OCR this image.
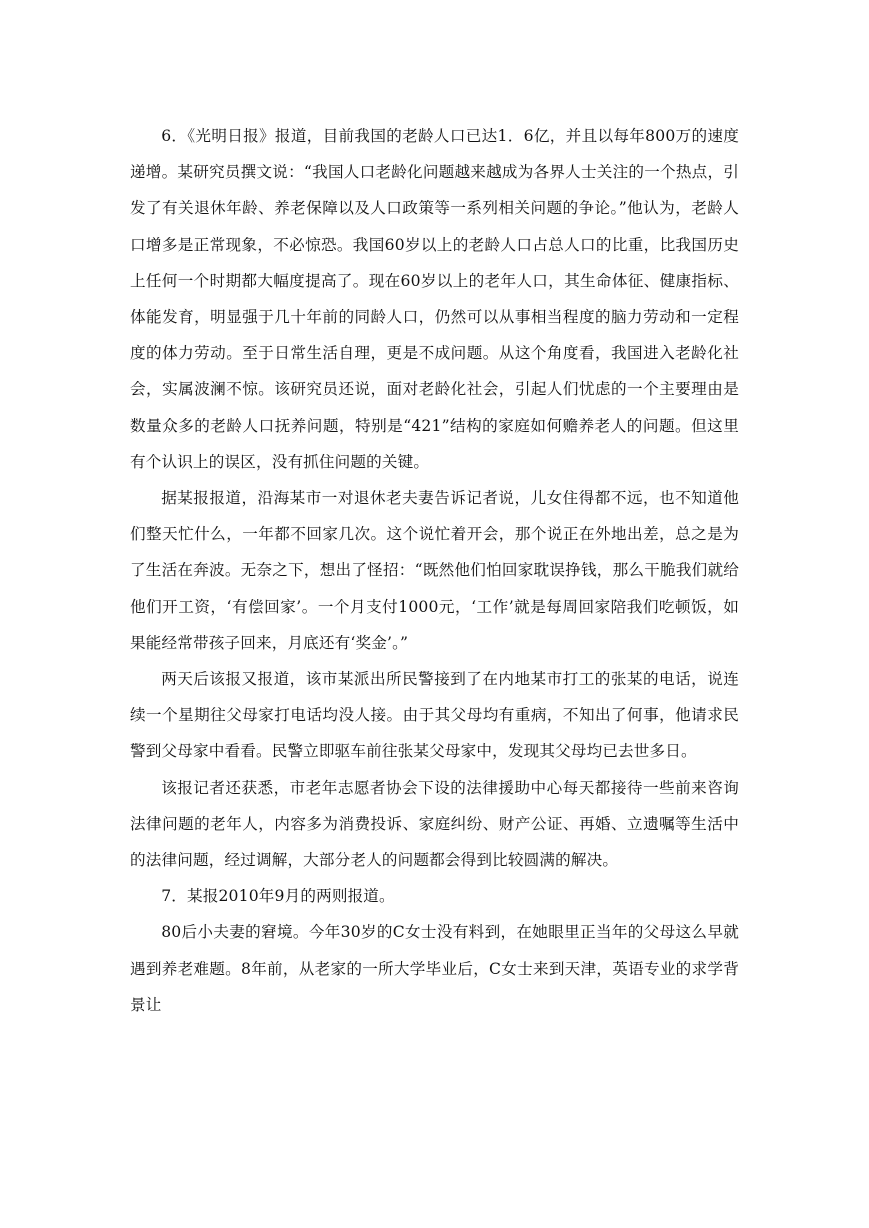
6．《光明日报》报道，目前我国的老龄人口已达1．6亿，并且以每年800万的速度递增。某研究员撰文说：“我国人口老龄化问题越来越成为各界人士关注的一个热点，引发了有关退休年龄、养老保障以及人口政策等一系列相关问题的争论。”他认为，老龄人口增多是正常现象，不必惊恐。我国60岁以上的老龄人口占总人口的比重，比我国历史上任何一个时期都大幅度提高了。现在60岁以上的老年人口，其生命体征、健康指标、体能发育，明显强于几十年前的同龄人口，仍然可以从事相当程度的脑力劳动和一定程度的体力劳动。至于日常生活自理，更是不成问题。从这个角度看，我国进入老龄化社会，实属波澜不惊。该研究员还说，面对老龄化社会，引起人们忧虑的一个主要理由是数量众多的老龄人口抚养问题，特别是“421”结构的家庭如何赡养老人的问题。但这里有个认识上的误区，没有抓住问题的关键。

据某报报道，沿海某市一对退休老夫妻告诉记者说，儿女住得都不远，也不知道他们整天忙什么，一年都不回家几次。这个说忙着开会，那个说正在外地出差，总之是为了生活在奔波。无奈之下，想出了怪招：“既然他们怕回家耽误挣钱，那么干脆我们就给他们开工资，‘有偿回家’。一个月支付1000元，‘工作’就是每周回家陪我们吃顿饭，如果能经常带孩子回来，月底还有‘奖金’。”

两天后该报又报道，该市某派出所民警接到了在内地某市打工的张某的电话，说连续一个星期往父母家打电话均没人接。由于其父母均有重病，不知出了何事，他请求民警到父母家中看看。民警立即驱车前往张某父母家中，发现其父母均已去世多日。

该报记者还获悉，市老年志愿者协会下设的法律援助中心每天都接待一些前来咨询法律问题的老年人，内容多为消费投诉、家庭纠纷、财产公证、再婚、立遗嘱等生活中的法律问题，经过调解，大部分老人的问题都会得到比较圆满的解决。

7．某报2010年9月的两则报道。

80后小夫妻的窘境。今年30岁的C女士没有料到，在她眼里正当年的父母这么早就遇到养老难题。8年前，从老家的一所大学毕业后，C女士来到天津，英语专业的求学背景让
